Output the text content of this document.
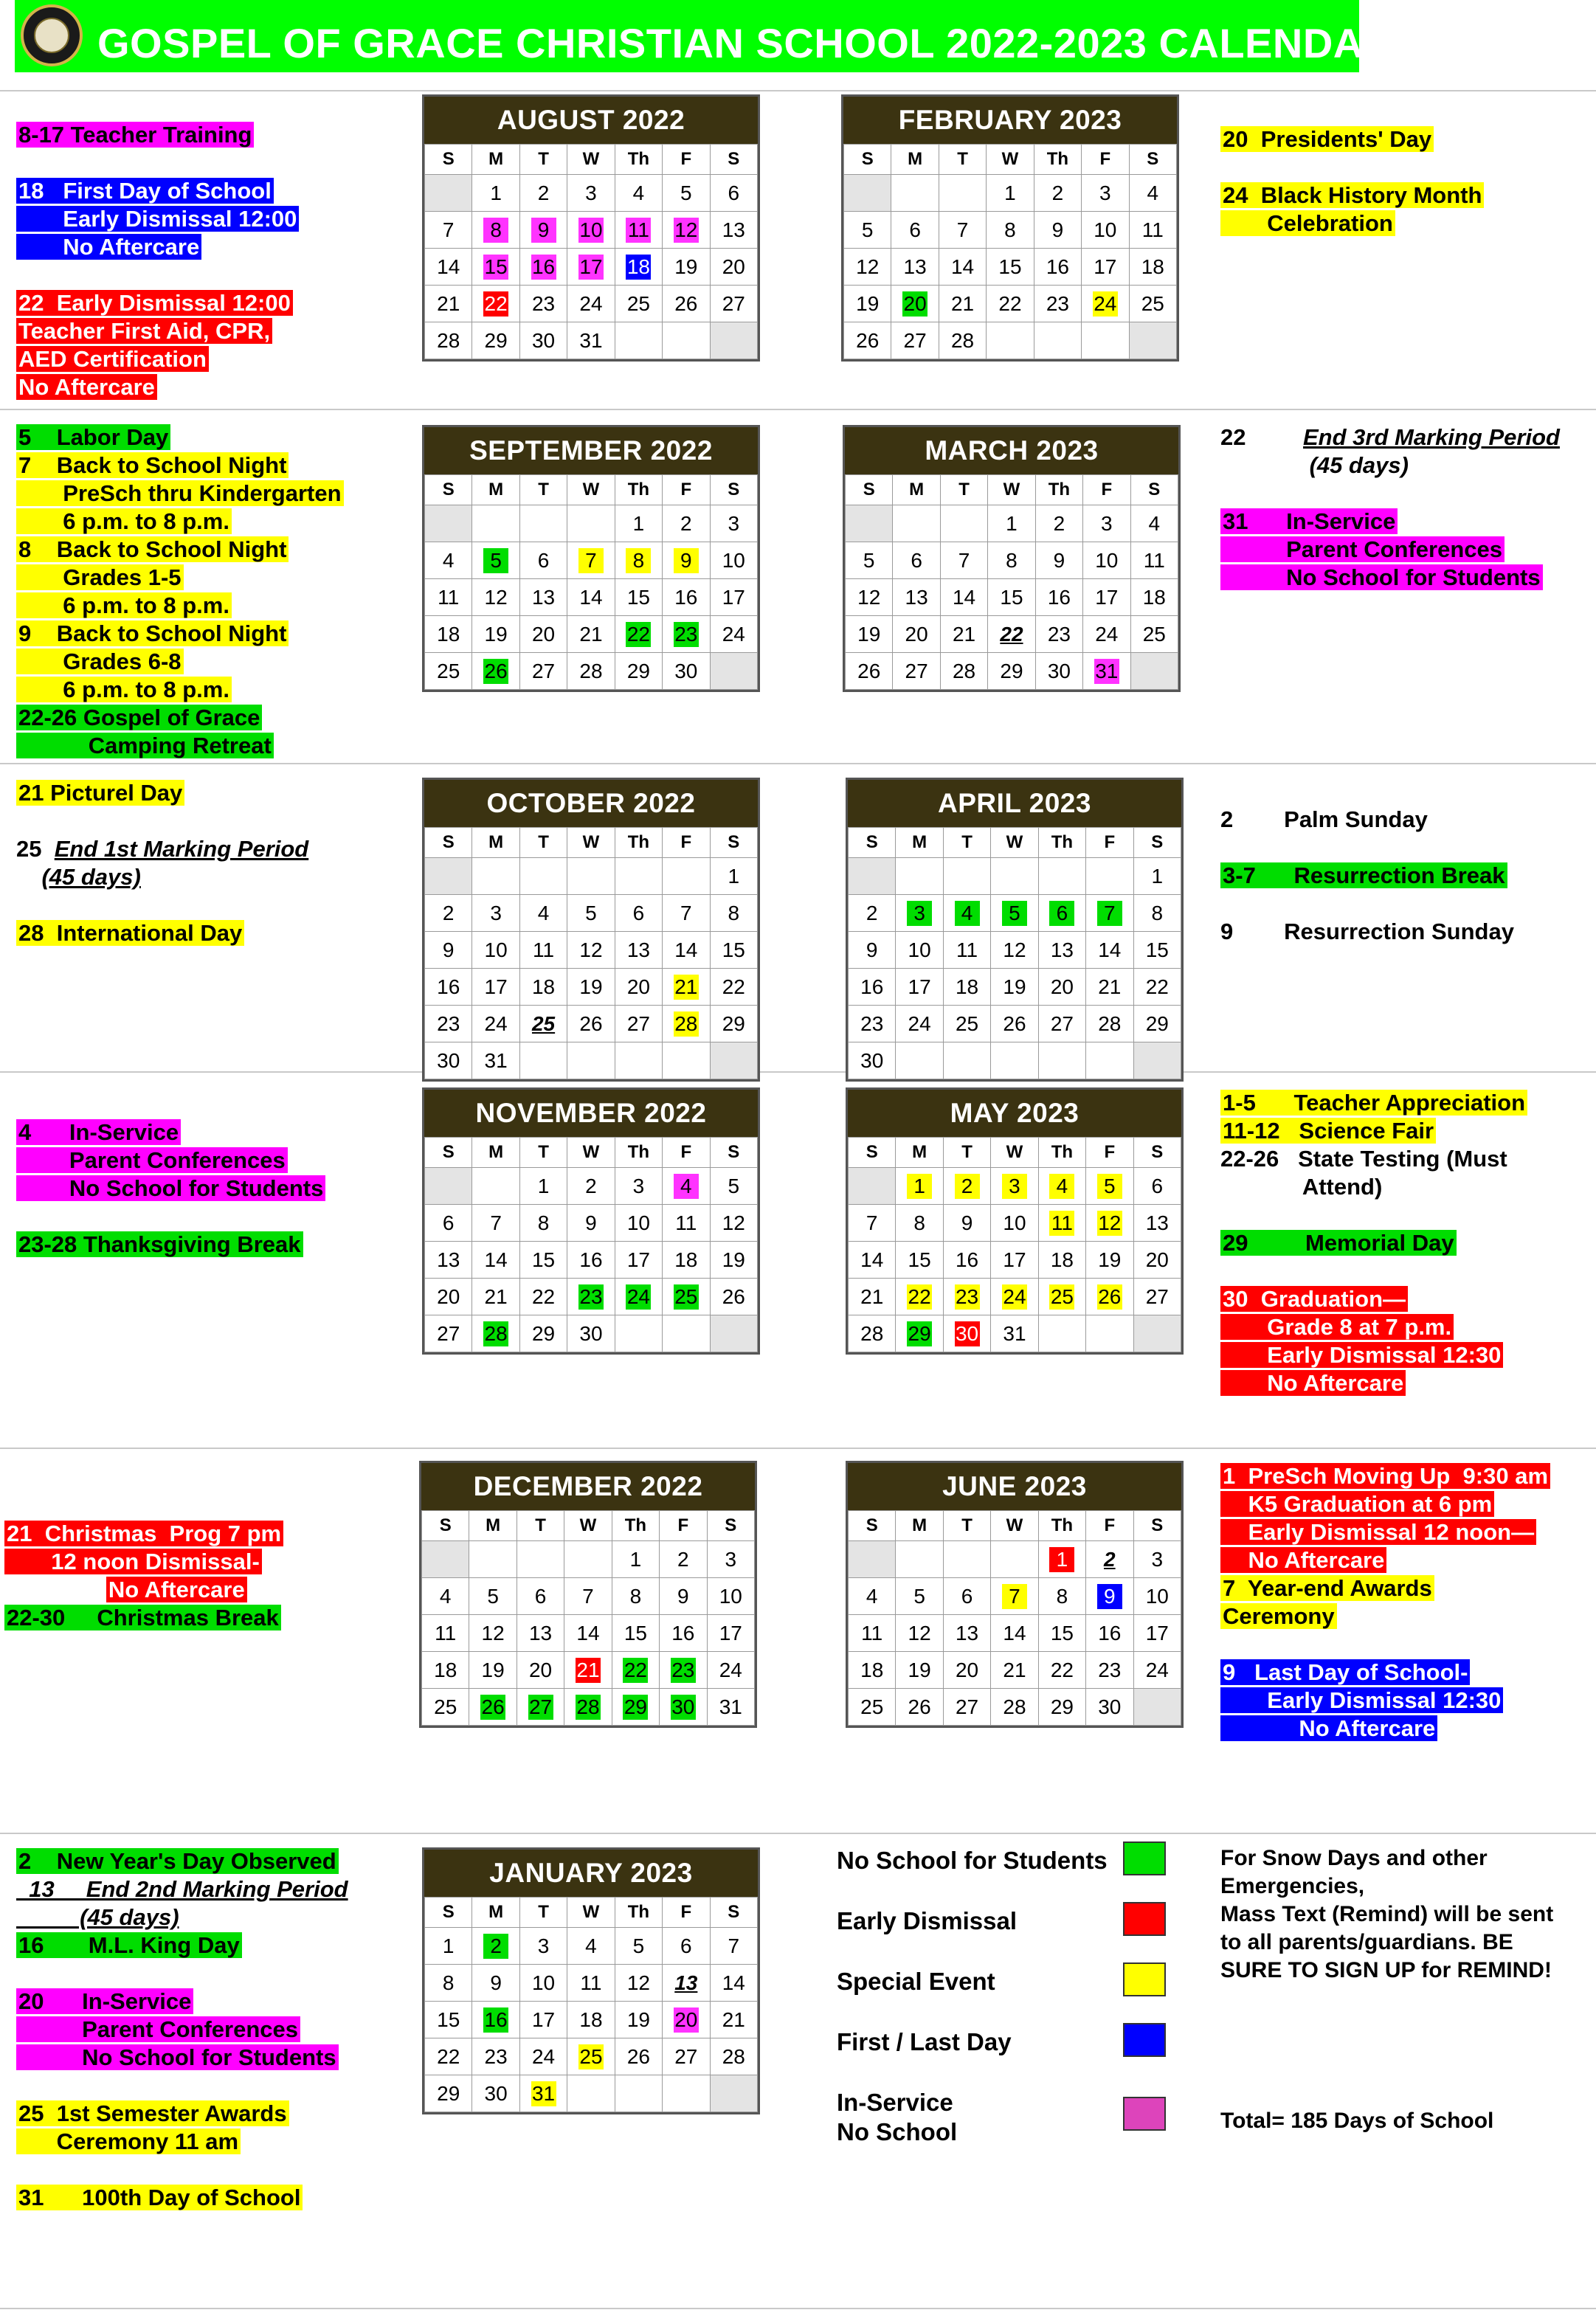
GOSPEL OF GRACE CHRISTIAN SCHOOL 2022-2023 CALENDAR
AUGUST 2022
S	M	T	W	Th	F	S
	1	2	3	4	5	6
7	8	9	10	11	12	13
14	15	16	17	18	19	20
21	22	23	24	25	26	27
28	29	30	31			
FEBRUARY 2023
S	M	T	W	Th	F	S
			1	2	3	4
5	6	7	8	9	10	11
12	13	14	15	16	17	18
19	20	21	22	23	24	25
26	27	28				
SEPTEMBER 2022
S	M	T	W	Th	F	S
				1	2	3
4	5	6	7	8	9	10
11	12	13	14	15	16	17
18	19	20	21	22	23	24
25	26	27	28	29	30	
MARCH 2023
S	M	T	W	Th	F	S
			1	2	3	4
5	6	7	8	9	10	11
12	13	14	15	16	17	18
19	20	21	22	23	24	25
26	27	28	29	30	31	
OCTOBER 2022
S	M	T	W	Th	F	S
						1
2	3	4	5	6	7	8
9	10	11	12	13	14	15
16	17	18	19	20	21	22
23	24	25	26	27	28	29
30	31					
APRIL 2023
S	M	T	W	Th	F	S
						1
2	3	4	5	6	7	8
9	10	11	12	13	14	15
16	17	18	19	20	21	22
23	24	25	26	27	28	29
30						
NOVEMBER 2022
S	M	T	W	Th	F	S
		1	2	3	4	5
6	7	8	9	10	11	12
13	14	15	16	17	18	19
20	21	22	23	24	25	26
27	28	29	30			
MAY 2023
S	M	T	W	Th	F	S
	1	2	3	4	5	6
7	8	9	10	11	12	13
14	15	16	17	18	19	20
21	22	23	24	25	26	27
28	29	30	31			
DECEMBER 2022
S	M	T	W	Th	F	S
				1	2	3
4	5	6	7	8	9	10
11	12	13	14	15	16	17
18	19	20	21	22	23	24
25	26	27	28	29	30	31
JUNE 2023
S	M	T	W	Th	F	S
				1	2	3
4	5	6	7	8	9	10
11	12	13	14	15	16	17
18	19	20	21	22	23	24
25	26	27	28	29	30	
JANUARY 2023
S	M	T	W	Th	F	S
1	2	3	4	5	6	7
8	9	10	11	12	13	14
15	16	17	18	19	20	21
22	23	24	25	26	27	28
29	30	31				
8-17 Teacher Training

18   First Day of School
Early Dismissal 12:00
No Aftercare

22  Early Dismissal 12:00
Teacher First Aid, CPR,
AED Certification
No Aftercare
20  Presidents' Day

24  Black History Month
Celebration
5    Labor Day
7    Back to School Night
PreSch thru Kindergarten
6 p.m. to 8 p.m.
8    Back to School Night
Grades 1-5
6 p.m. to 8 p.m.
9    Back to School Night
Grades 6-8
6 p.m. to 8 p.m.
22-26 Gospel of Grace
Camping Retreat
22         End 3rd Marking Period
(45 days)

31      In-Service
Parent Conferences
No School for Students
21 Picturel Day

25  End 1st Marking Period
(45 days)

28  International Day
2        Palm Sunday

3-7      Resurrection Break

9        Resurrection Sunday
4      In-Service
Parent Conferences
No School for Students

23-28 Thanksgiving Break
1-5      Teacher Appreciation
11-12   Science Fair
22-26   State Testing (Must
Attend)

29         Memorial Day

30  Graduation—
Grade 8 at 7 p.m.
Early Dismissal 12:30
No Aftercare
21  Christmas  Prog 7 pm
12 noon Dismissal-
No Aftercare
22-30     Christmas Break
1  PreSch Moving Up  9:30 am
K5 Graduation at 6 pm
Early Dismissal 12 noon—
No Aftercare
7  Year-end Awards
Ceremony

9   Last Day of School-
Early Dismissal 12:30
No Aftercare
2    New Year's Day Observed
13     End 2nd Marking Period
(45 days)
16       M.L. King Day

20      In-Service
Parent Conferences
No School for Students

25  1st Semester Awards
Ceremony 11 am

31      100th Day of School
No School for Students
Early Dismissal
Special Event
First / Last Day
In-Service
No School
For Snow Days and other
Emergencies,
Mass Text (Remind) will be sent
to all parents/guardians. BE
SURE TO SIGN UP for REMIND!
Total= 185 Days of School
